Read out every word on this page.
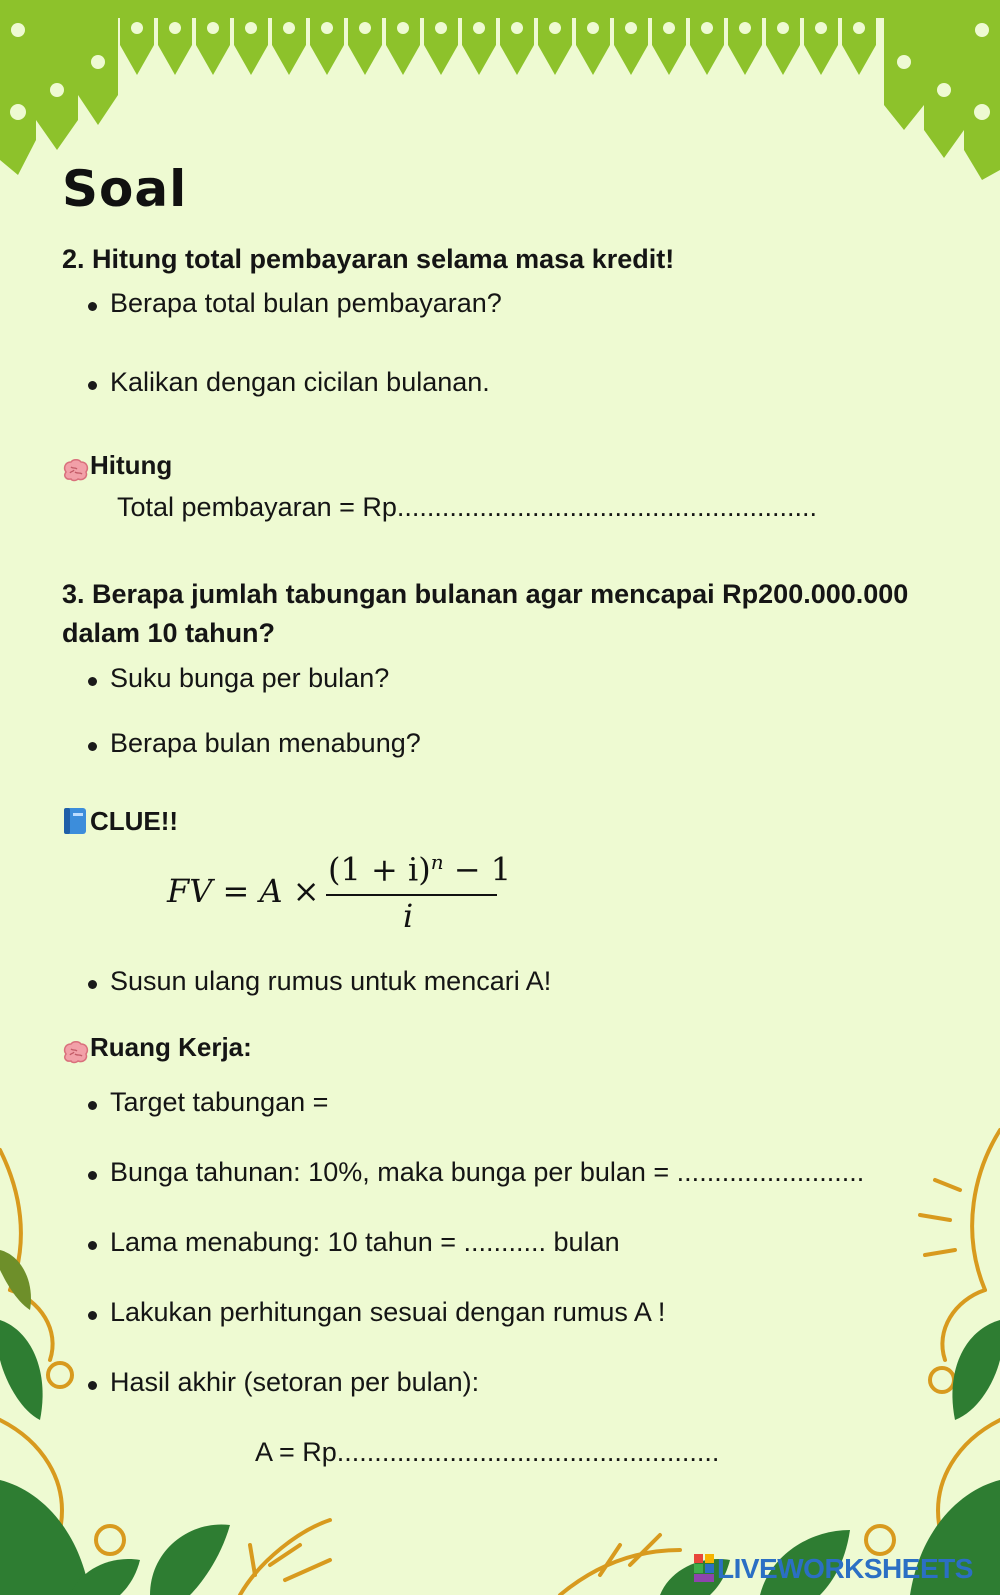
Soal
2. Hitung total pembayaran selama masa kredit!
Berapa total bulan pembayaran?
Kalikan dengan cicilan bulanan.
Hitung
Total pembayaran = Rp........................................................
3. Berapa jumlah tabungan bulanan agar mencapai Rp200.000.000
dalam 10 tahun?
Suku bunga per bulan?
Berapa bulan menabung?
CLUE!!
FV = A ×
$(1 + i)^n - 1$
i
Susun ulang rumus untuk mencari A!
Ruang Kerja:
Target tabungan =
Bunga tahunan: 10%, maka bunga per bulan = .........................
Lama menabung: 10 tahun = ........... bulan
Lakukan perhitungan sesuai dengan rumus A !
Hasil akhir (setoran per bulan):
A = Rp...................................................
LIVEWORKSHEETS
